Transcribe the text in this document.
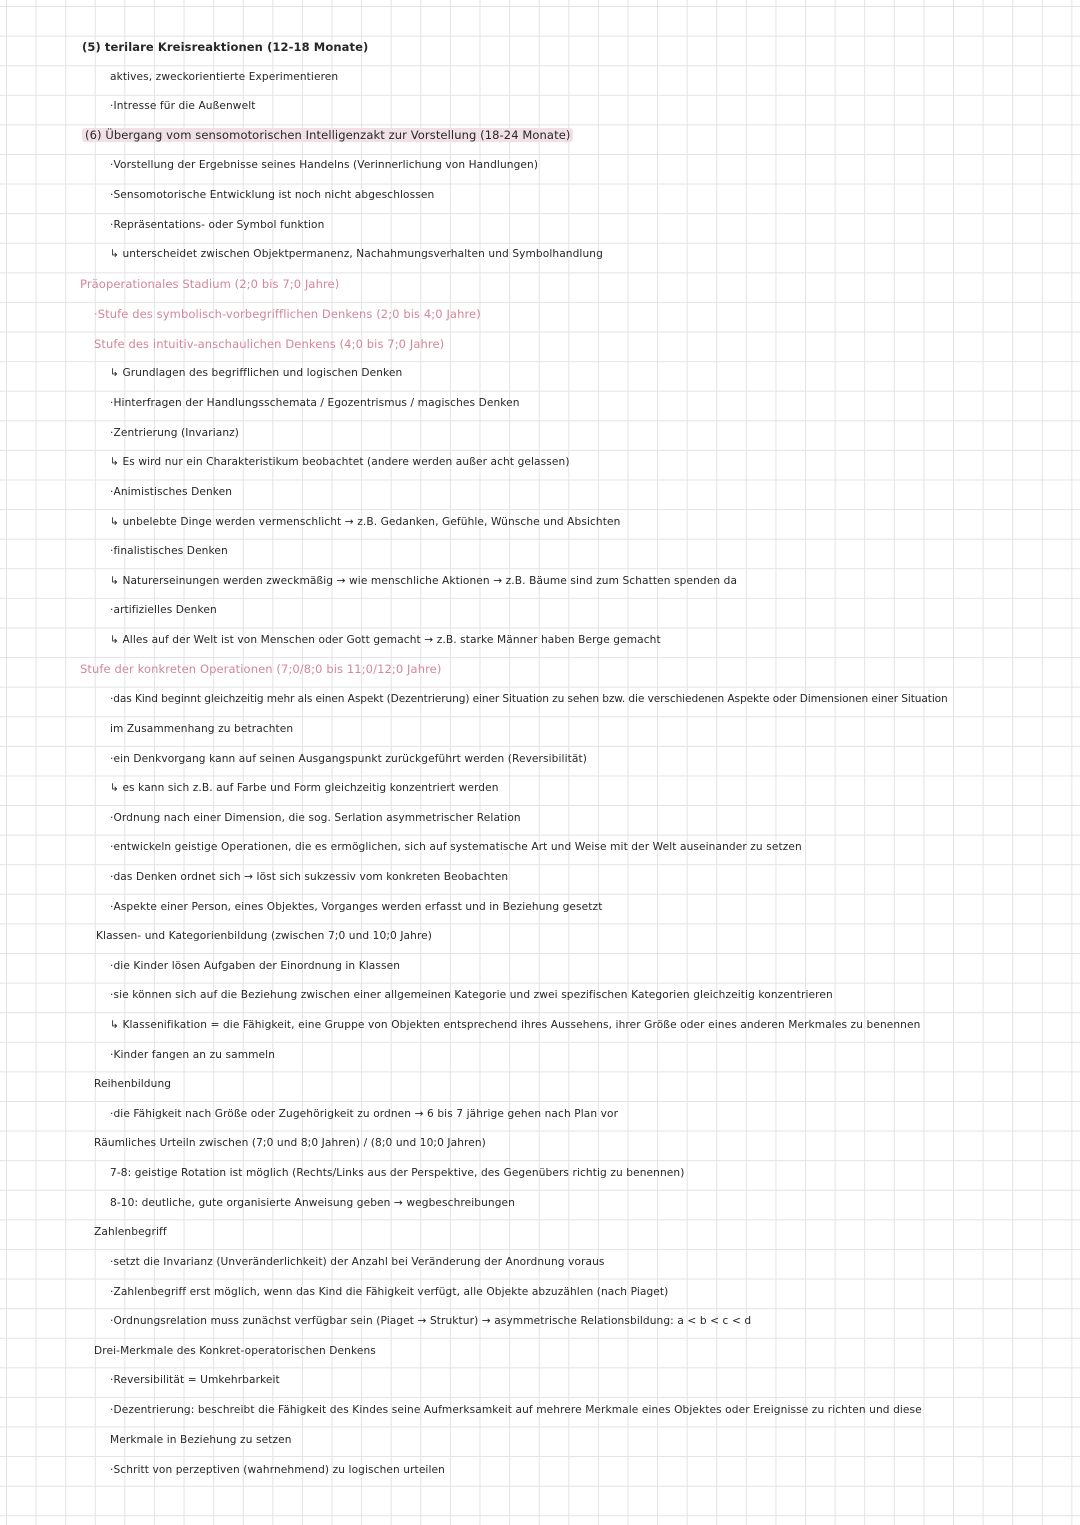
(5) terilare Kreisreaktionen (12-18 Monate)
aktives, zweckorientierte Experimentieren
·Intresse für die Außenwelt
(6) Übergang vom sensomotorischen Intelligenzakt zur Vorstellung (18-24 Monate)
·Vorstellung der Ergebnisse seines Handelns (Verinnerlichung von Handlungen)
·Sensomotorische Entwicklung ist noch nicht abgeschlossen
·Repräsentations- oder Symbol funktion
↳ unterscheidet zwischen Objektpermanenz, Nachahmungsverhalten und Symbolhandlung
Präoperationales Stadium (2;0 bis 7;0 Jahre)
·Stufe des symbolisch-vorbegrifflichen Denkens (2;0 bis 4;0 Jahre)
Stufe des intuitiv-anschaulichen Denkens (4;0 bis 7;0 Jahre)
↳ Grundlagen des begrifflichen und logischen Denken
·Hinterfragen der Handlungsschemata / Egozentrismus / magisches Denken
·Zentrierung (Invarianz)
↳ Es wird nur ein Charakteristikum beobachtet (andere werden außer acht gelassen)
·Animistisches Denken
↳ unbelebte Dinge werden vermenschlicht → z.B. Gedanken, Gefühle, Wünsche und Absichten
·finalistisches Denken
↳ Naturerseinungen werden zweckmäßig → wie menschliche Aktionen → z.B. Bäume sind zum Schatten spenden da
·artifizielles Denken
↳ Alles auf der Welt ist von Menschen oder Gott gemacht → z.B. starke Männer haben Berge gemacht
Stufe der konkreten Operationen (7;0/8;0 bis 11;0/12;0 Jahre)
·das Kind beginnt gleichzeitig mehr als einen Aspekt (Dezentrierung) einer Situation zu sehen bzw. die verschiedenen Aspekte oder Dimensionen einer Situation
im Zusammenhang zu betrachten
·ein Denkvorgang kann auf seinen Ausgangspunkt zurückgeführt werden (Reversibilität)
↳ es kann sich z.B. auf Farbe und Form gleichzeitig konzentriert werden
·Ordnung nach einer Dimension, die sog. Serlation asymmetrischer Relation
·entwickeln geistige Operationen, die es ermöglichen, sich auf systematische Art und Weise mit der Welt auseinander zu setzen
·das Denken ordnet sich → löst sich sukzessiv vom konkreten Beobachten
·Aspekte einer Person, eines Objektes, Vorganges werden erfasst und in Beziehung gesetzt
Klassen- und Kategorienbildung (zwischen 7;0 und 10;0 Jahre)
·die Kinder lösen Aufgaben der Einordnung in Klassen
·sie können sich auf die Beziehung zwischen einer allgemeinen Kategorie und zwei spezifischen Kategorien gleichzeitig konzentrieren
↳ Klassenifikation = die Fähigkeit, eine Gruppe von Objekten entsprechend ihres Aussehens, ihrer Größe oder eines anderen Merkmales zu benennen
·Kinder fangen an zu sammeln
Reihenbildung
·die Fähigkeit nach Größe oder Zugehörigkeit zu ordnen → 6 bis 7 jährige gehen nach Plan vor
Räumliches Urteiln zwischen (7;0 und 8;0 Jahren) / (8;0 und 10;0 Jahren)
7-8: geistige Rotation ist möglich (Rechts/Links aus der Perspektive, des Gegenübers richtig zu benennen)
8-10: deutliche, gute organisierte Anweisung geben → wegbeschreibungen
Zahlenbegriff
·setzt die Invarianz (Unveränderlichkeit) der Anzahl bei Veränderung der Anordnung voraus
·Zahlenbegriff erst möglich, wenn das Kind die Fähigkeit verfügt, alle Objekte abzuzählen (nach Piaget)
·Ordnungsrelation muss zunächst verfügbar sein (Piaget → Struktur) → asymmetrische Relationsbildung: a < b < c < d
Drei-Merkmale des Konkret-operatorischen Denkens
·Reversibilität = Umkehrbarkeit
·Dezentrierung: beschreibt die Fähigkeit des Kindes seine Aufmerksamkeit auf mehrere Merkmale eines Objektes oder Ereignisse zu richten und diese
Merkmale in Beziehung zu setzen
·Schritt von perzeptiven (wahrnehmend) zu logischen urteilen
